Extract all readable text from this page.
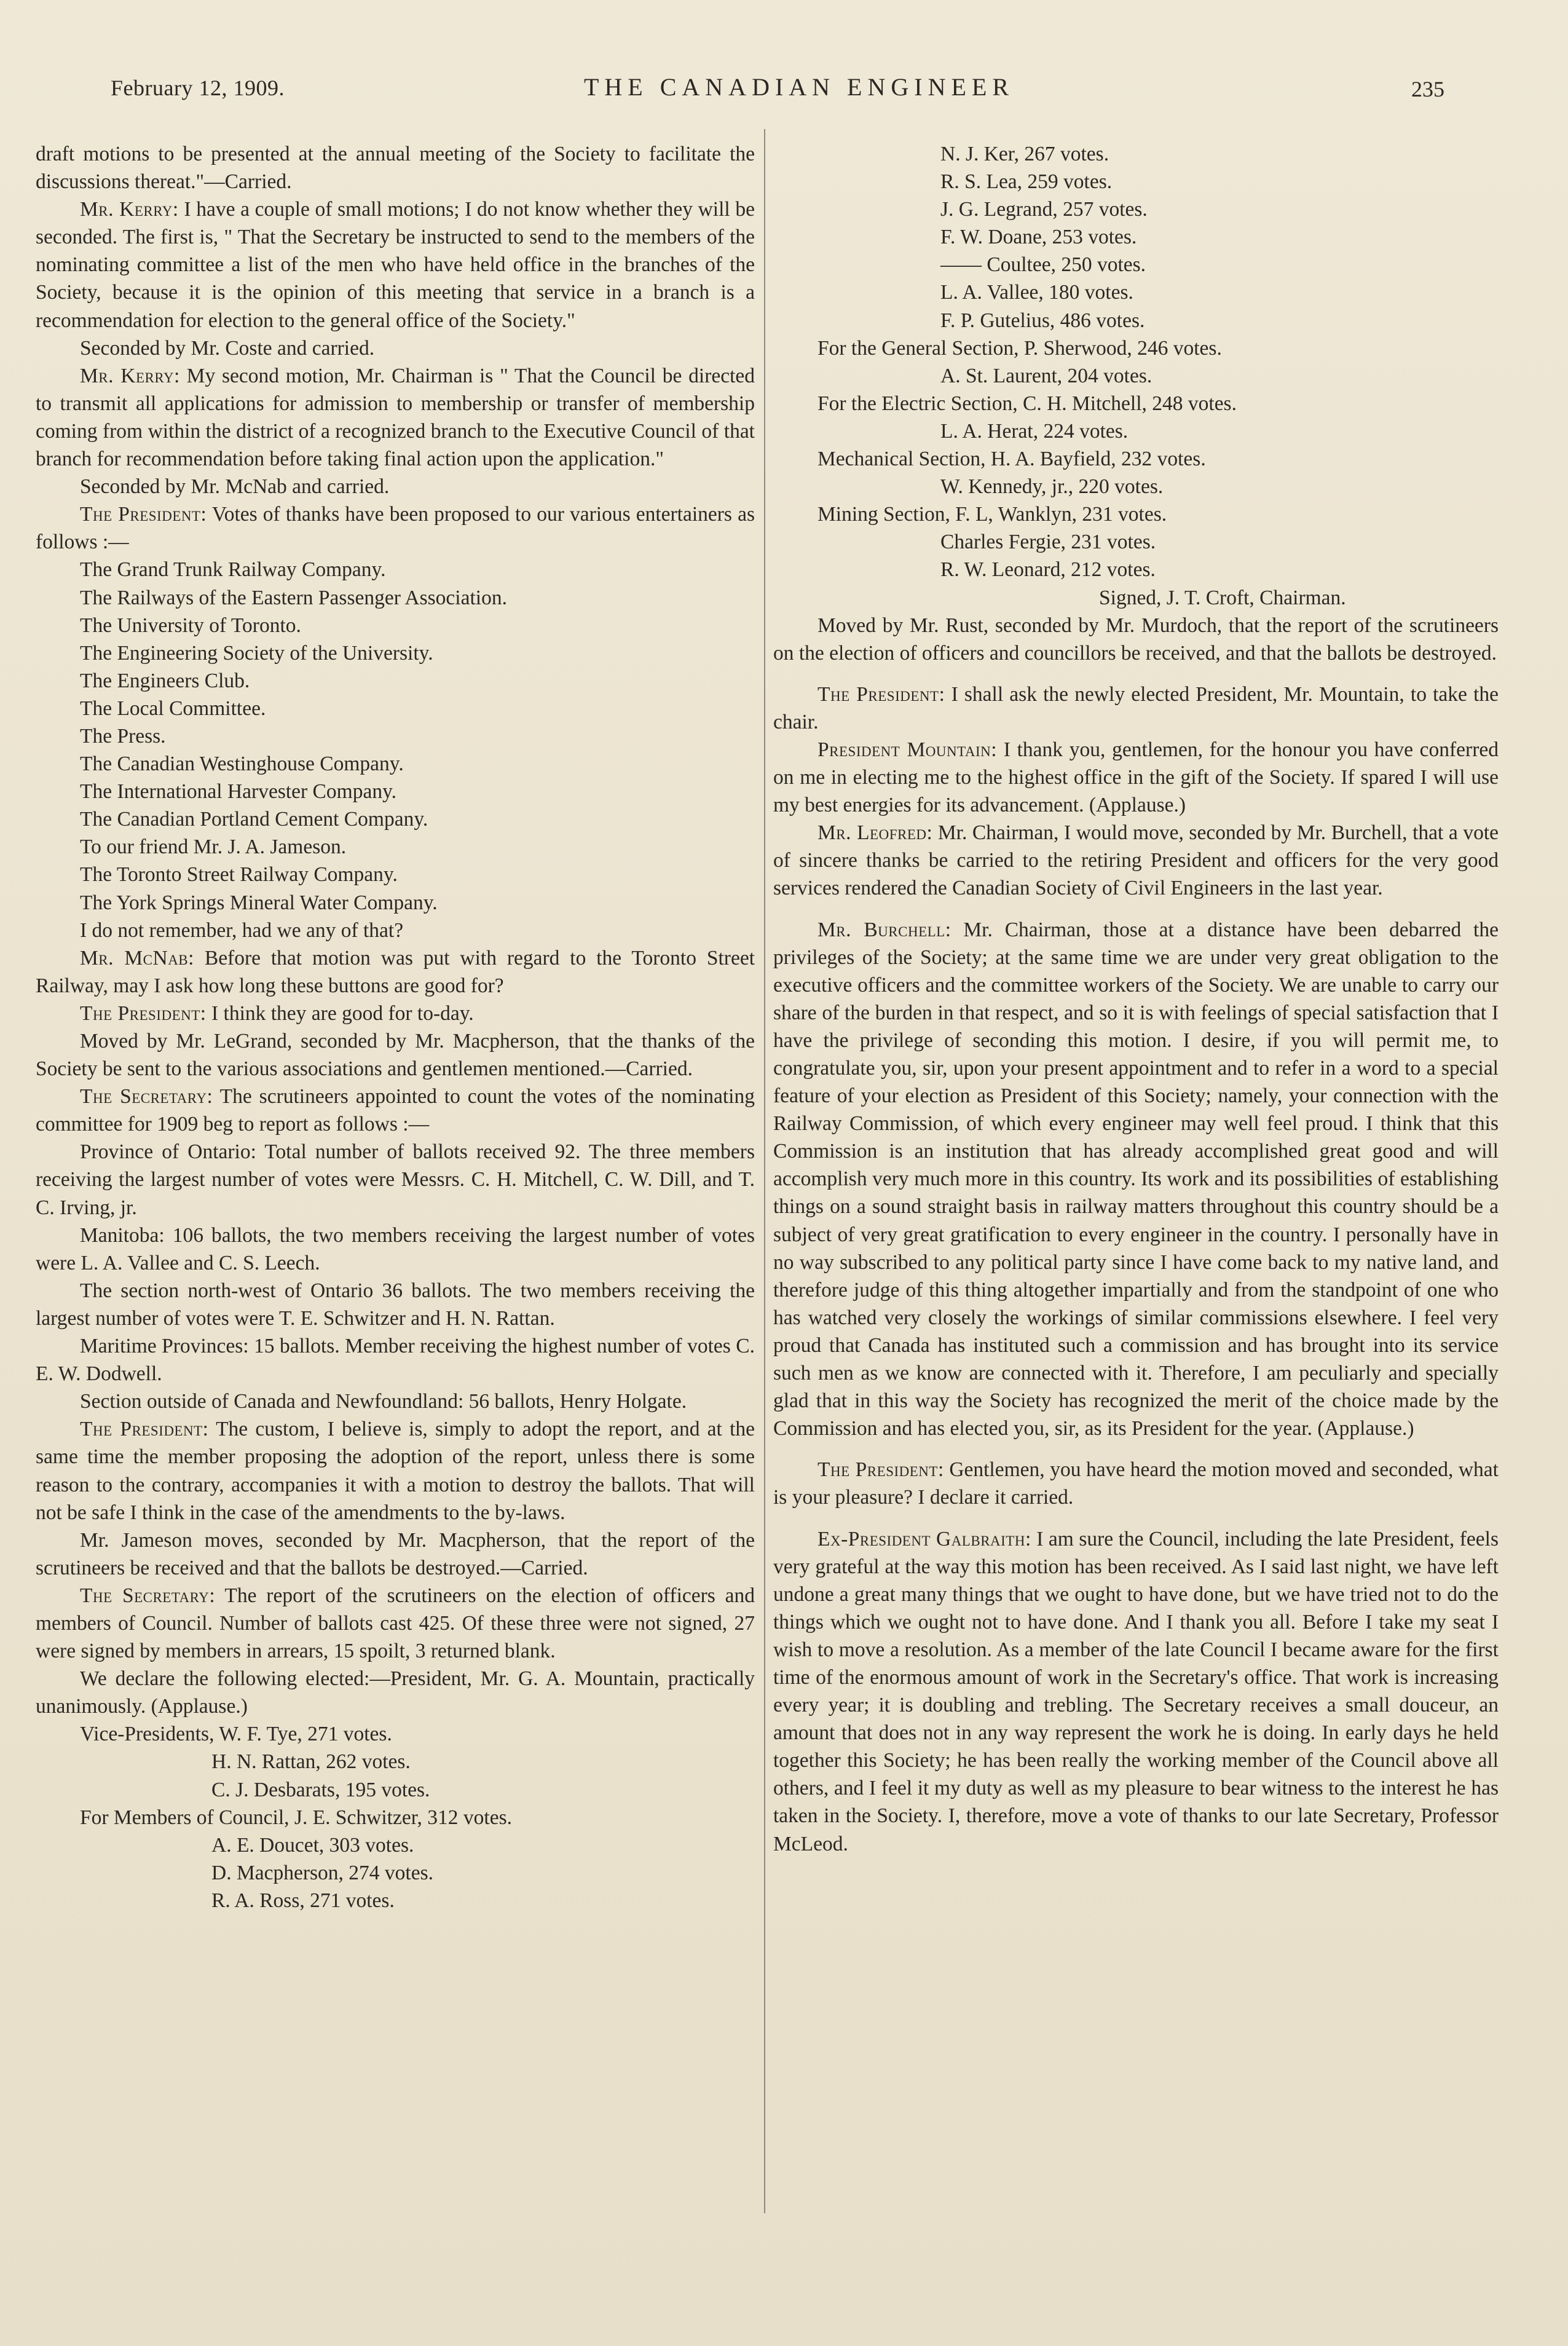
February 12, 1909.	THE CANADIAN ENGINEER	235

draft motions to be presented at the annual meeting of the Society to facilitate the discussions thereat."—Carried.

Mr. Kerry: I have a couple of small motions; I do not know whether they will be seconded. The first is, " That the Secretary be instructed to send to the members of the nominating committee a list of the men who have held office in the branches of the Society, because it is the opinion of this meeting that service in a branch is a recommendation for election to the general office of the Society."

Seconded by Mr. Coste and carried.

Mr. Kerry: My second motion, Mr. Chairman is " That the Council be directed to transmit all applications for admission to membership or transfer of membership coming from within the district of a recognized branch to the Executive Council of that branch for recommendation before taking final action upon the application."

Seconded by Mr. McNab and carried.

The President: Votes of thanks have been proposed to our various entertainers as follows :—

The Grand Trunk Railway Company.

The Railways of the Eastern Passenger Association.

The University of Toronto.

The Engineering Society of the University.

The Engineers Club.

The Local Committee.

The Press.

The Canadian Westinghouse Company.

The International Harvester Company.

The Canadian Portland Cement Company.

To our friend Mr. J. A. Jameson.

The Toronto Street Railway Company.

The York Springs Mineral Water Company.

I do not remember, had we any of that?

Mr. McNab: Before that motion was put with regard to the Toronto Street Railway, may I ask how long these buttons are good for?

The President: I think they are good for to-day.

Moved by Mr. LeGrand, seconded by Mr. Macpherson, that the thanks of the Society be sent to the various associations and gentlemen mentioned.—Carried.

The Secretary: The scrutineers appointed to count the votes of the nominating committee for 1909 beg to report as follows :—

Province of Ontario: Total number of ballots received 92. The three members receiving the largest number of votes were Messrs. C. H. Mitchell, C. W. Dill, and T. C. Irving, jr.

Manitoba: 106 ballots, the two members receiving the largest number of votes were L. A. Vallee and C. S. Leech.

The section north-west of Ontario 36 ballots. The two members receiving the largest number of votes were T. E. Schwitzer and H. N. Rattan.

Maritime Provinces: 15 ballots. Member receiving the highest number of votes C. E. W. Dodwell.

Section outside of Canada and Newfoundland: 56 ballots, Henry Holgate.

The President: The custom, I believe is, simply to adopt the report, and at the same time the member proposing the adoption of the report, unless there is some reason to the contrary, accompanies it with a motion to destroy the ballots. That will not be safe I think in the case of the amendments to the by-laws.

Mr. Jameson moves, seconded by Mr. Macpherson, that the report of the scrutineers be received and that the ballots be destroyed.—Carried.

The Secretary: The report of the scrutineers on the election of officers and members of Council. Number of ballots cast 425. Of these three were not signed, 27 were signed by members in arrears, 15 spoilt, 3 returned blank.

We declare the following elected:—President, Mr. G. A. Mountain, practically unanimously. (Applause.)

Vice-Presidents, W. F. Tye, 271 votes.

H. N. Rattan, 262 votes.

C. J. Desbarats, 195 votes.

For Members of Council, J. E. Schwitzer, 312 votes.

A. E. Doucet, 303 votes.

D. Macpherson, 274 votes.

R. A. Ross, 271 votes.

N. J. Ker, 267 votes.

R. S. Lea, 259 votes.

J. G. Legrand, 257 votes.

F. W. Doane, 253 votes.

—— Coultee, 250 votes.

L. A. Vallee, 180 votes.

F. P. Gutelius, 486 votes.

For the General Section, P. Sherwood, 246 votes.

A. St. Laurent, 204 votes.

For the Electric Section, C. H. Mitchell, 248 votes.

L. A. Herat, 224 votes.

Mechanical Section, H. A. Bayfield, 232 votes.

W. Kennedy, jr., 220 votes.

Mining Section, F. L, Wanklyn, 231 votes.

Charles Fergie, 231 votes.

R. W. Leonard, 212 votes.

Signed, J. T. Croft, Chairman.

Moved by Mr. Rust, seconded by Mr. Murdoch, that the report of the scrutineers on the election of officers and councillors be received, and that the ballots be destroyed.

The President: I shall ask the newly elected President, Mr. Mountain, to take the chair.

President Mountain: I thank you, gentlemen, for the honour you have conferred on me in electing me to the highest office in the gift of the Society. If spared I will use my best energies for its advancement. (Applause.)

Mr. Leofred: Mr. Chairman, I would move, seconded by Mr. Burchell, that a vote of sincere thanks be carried to the retiring President and officers for the very good services rendered the Canadian Society of Civil Engineers in the last year.

Mr. Burchell: Mr. Chairman, those at a distance have been debarred the privileges of the Society; at the same time we are under very great obligation to the executive officers and the committee workers of the Society. We are unable to carry our share of the burden in that respect, and so it is with feelings of special satisfaction that I have the privilege of seconding this motion. I desire, if you will permit me, to congratulate you, sir, upon your present appointment and to refer in a word to a special feature of your election as President of this Society; namely, your connection with the Railway Commission, of which every engineer may well feel proud. I think that this Commission is an institution that has already accomplished great good and will accomplish very much more in this country. Its work and its possibilities of establishing things on a sound straight basis in railway matters throughout this country should be a subject of very great gratification to every engineer in the country. I personally have in no way subscribed to any political party since I have come back to my native land, and therefore judge of this thing altogether impartially and from the standpoint of one who has watched very closely the workings of similar commissions elsewhere. I feel very proud that Canada has instituted such a commission and has brought into its service such men as we know are connected with it. Therefore, I am peculiarly and specially glad that in this way the Society has recognized the merit of the choice made by the Commission and has elected you, sir, as its President for the year. (Applause.)

The President: Gentlemen, you have heard the motion moved and seconded, what is your pleasure? I declare it carried.

Ex-President Galbraith: I am sure the Council, including the late President, feels very grateful at the way this motion has been received. As I said last night, we have left undone a great many things that we ought to have done, but we have tried not to do the things which we ought not to have done. And I thank you all. Before I take my seat I wish to move a resolution. As a member of the late Council I became aware for the first time of the enormous amount of work in the Secretary's office. That work is increasing every year; it is doubling and trebling. The Secretary receives a small douceur, an amount that does not in any way represent the work he is doing. In early days he held together this Society; he has been really the working member of the Council above all others, and I feel it my duty as well as my pleasure to bear witness to the interest he has taken in the Society. I, therefore, move a vote of thanks to our late Secretary, Professor McLeod.
